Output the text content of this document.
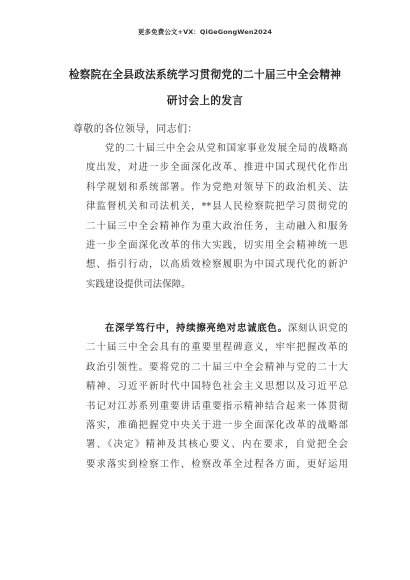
更多免费公文+VX：QiGeGongWen2024
检察院在全县政法系统学习贯彻党的二十届三中全会精神
研讨会上的发言
尊敬的各位领导，同志们：
党的二十届三中全会从党和国家事业发展全局的战略高
度出发，对进一步全面深化改革、推进中国式现代化作出
科学规划和系统部署。作为党绝对领导下的政治机关、法
律监督机关和司法机关，**县人民检察院把学习贯彻党的
二十届三中全会精神作为重大政治任务，主动融入和服务
进一步全面深化改革的伟大实践，切实用全会精神统一思
想、指引行动，以高质效检察履职为中国式现代化的新沪
实践建设提供司法保障。
在深学笃行中，持续擦亮绝对忠诚底色。深刻认识党的
二十届三中全会具有的重要里程碑意义，牢牢把握改革的
政治引领性。要将党的二十届三中全会精神与党的二十大
精神、习近平新时代中国特色社会主义思想以及习近平总
书记对江苏系列重要讲话重要指示精神结合起来一体贯彻
落实，准确把握党中央关于进一步全面深化改革的战略部
署、《决定》精神及其核心要义、内在要求，自觉把全会
要求落实到检察工作、检察改革全过程各方面，更好运用
